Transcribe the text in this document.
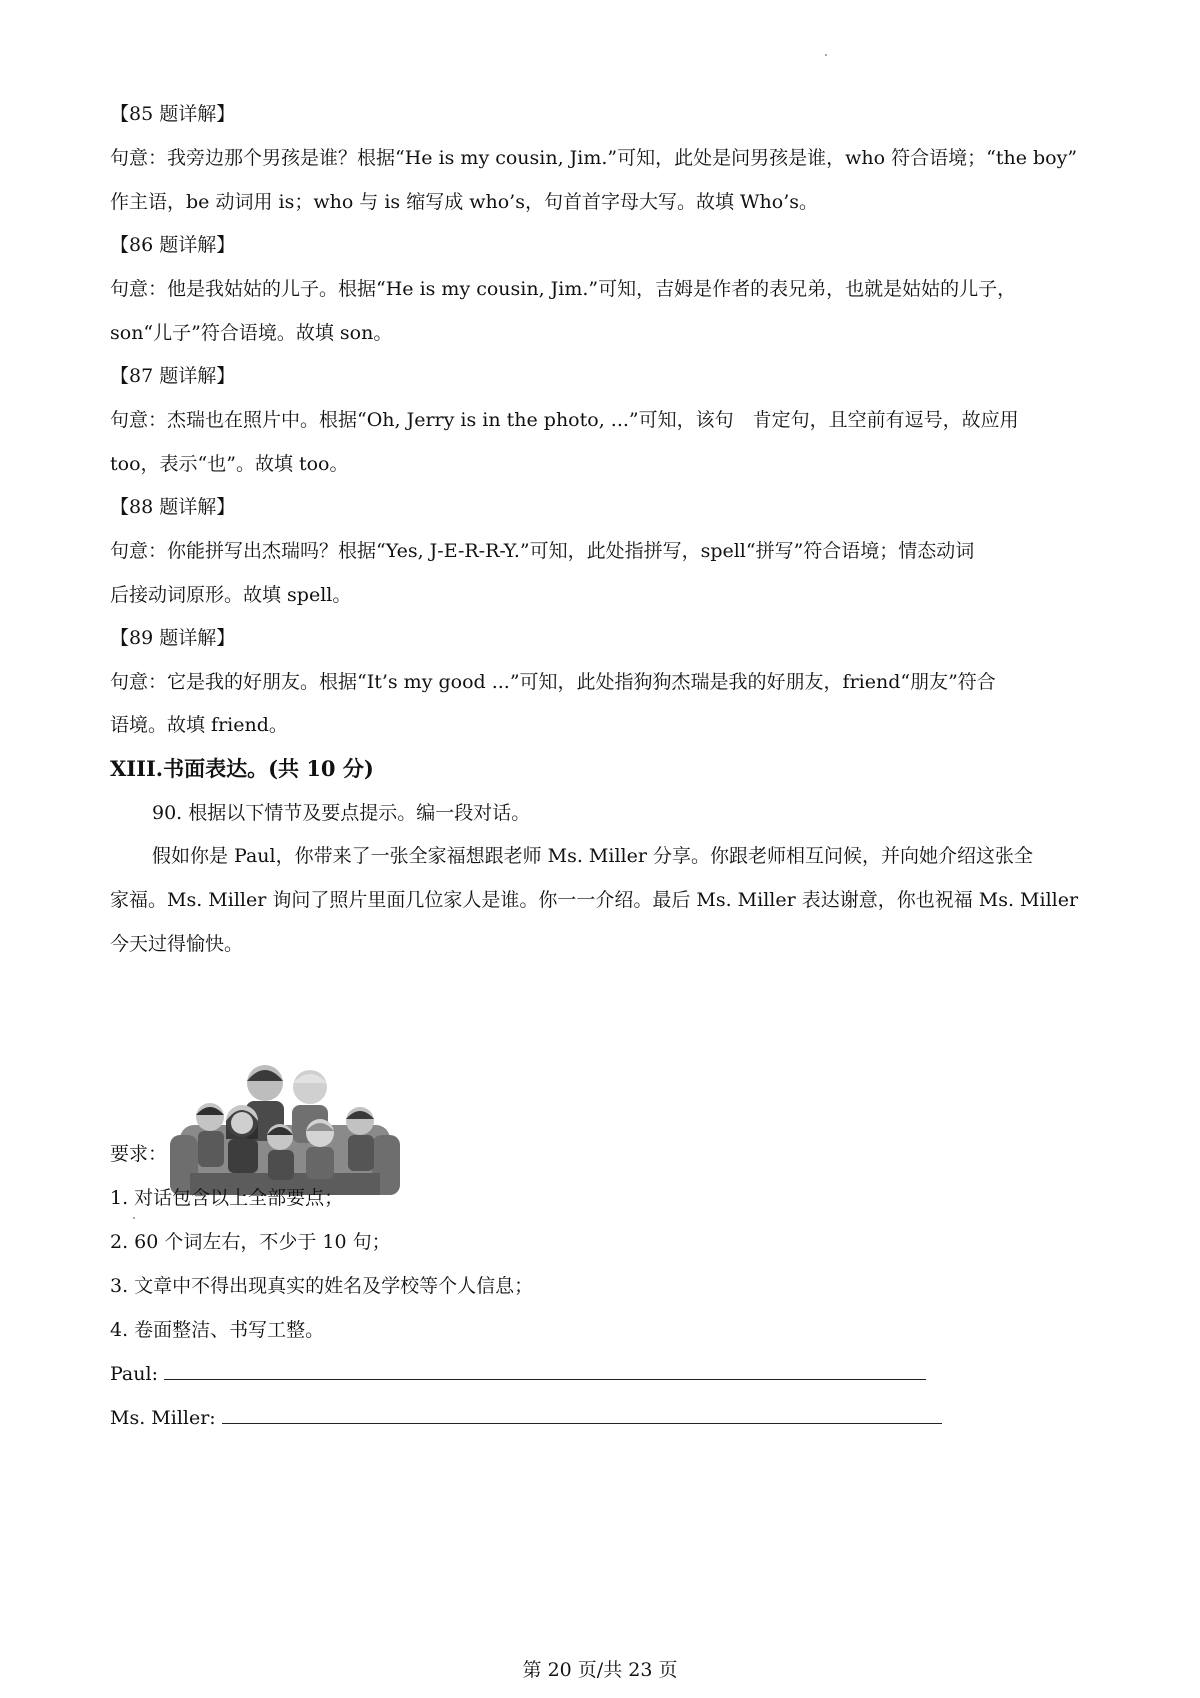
【85 题详解】
句意：我旁边那个男孩是谁？根据“He is my cousin, Jim.”可知，此处是问男孩是谁，who 符合语境；“the boy”
作主语，be 动词用 is；who 与 is 缩写成 who’s，句首首字母大写。故填 Who’s。
【86 题详解】
句意：他是我姑姑的儿子。根据“He is my cousin, Jim.”可知，吉姆是作者的表兄弟，也就是姑姑的儿子，
son“儿子”符合语境。故填 son。
【87 题详解】
句意：杰瑞也在照片中。根据“Oh, Jerry is in the photo, ...”可知，该句　肯定句，且空前有逗号，故应用
too，表示“也”。故填 too。
【88 题详解】
句意：你能拼写出杰瑞吗？根据“Yes, J-E-R-R-Y.”可知，此处指拼写，spell“拼写”符合语境；情态动词
后接动词原形。故填 spell。
【89 题详解】
句意：它是我的好朋友。根据“It’s my good ...”可知，此处指狗狗杰瑞是我的好朋友，friend“朋友”符合
语境。故填 friend。
XIII.书面表达。(共 10 分)
90. 根据以下情节及要点提示。编一段对话。
假如你是 Paul，你带来了一张全家福想跟老师 Ms. Miller 分享。你跟老师相互问候，并向她介绍这张全
家福。Ms. Miller 询问了照片里面几位家人是谁。你一一介绍。最后 Ms. Miller 表达谢意，你也祝福 Ms. Miller
今天过得愉快。
要求：
1. 对话包含以上全部要点；
2. 60 个词左右，不少于 10 句；
3. 文章中不得出现真实的姓名及学校等个人信息；
4. 卷面整洁、书写工整。
Paul:
Ms. Miller:
第 20 页/共 23 页
